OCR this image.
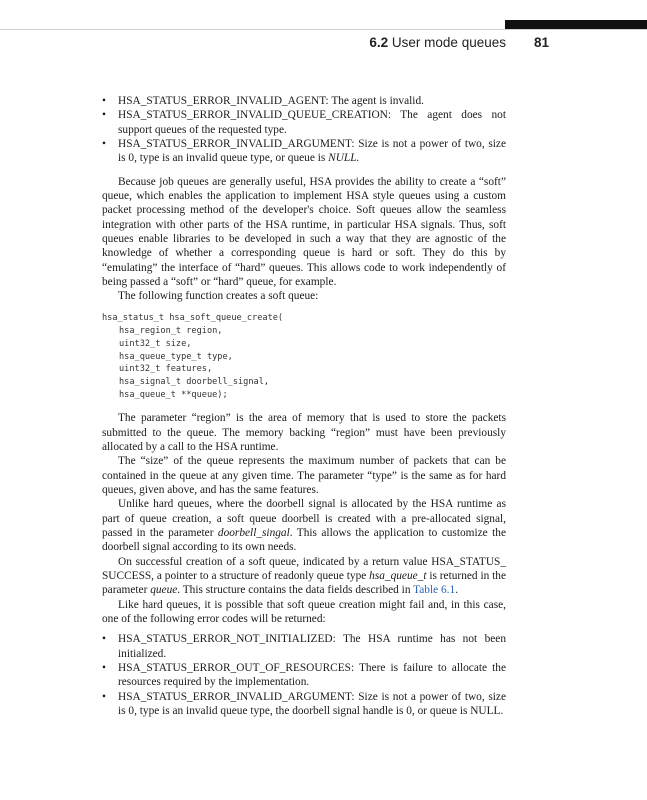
6.2 User mode queues 81
• HSA_STATUS_ERROR_INVALID_AGENT: The agent is invalid.
• HSA_STATUS_ERROR_INVALID_QUEUE_CREATION: The agent does not support queues of the requested type.
• HSA_STATUS_ERROR_INVALID_ARGUMENT: Size is not a power of two, size is 0, type is an invalid queue type, or queue is NULL.

Because job queues are generally useful, HSA provides the ability to create a “soft” queue, which enables the application to implement HSA style queues using a custom packet processing method of the developer's choice. Soft queues allow the seamless integration with other parts of the HSA runtime, in particular HSA signals. Thus, soft queues enable libraries to be developed in such a way that they are agnostic of the knowledge of whether a corresponding queue is hard or soft. They do this by “emulating” the interface of “hard” queues. This allows code to work independently of being passed a “soft” or “hard” queue, for example.

The following function creates a soft queue:

hsa_status_t hsa_soft_queue_create(
hsa_region_t region,
uint32_t size,
hsa_queue_type_t type,
uint32_t features,
hsa_signal_t doorbell_signal,
hsa_queue_t **queue);

The parameter “region” is the area of memory that is used to store the packets submitted to the queue. The memory backing “region” must have been previously allocated by a call to the HSA runtime.

The “size” of the queue represents the maximum number of packets that can be contained in the queue at any given time. The parameter “type” is the same as for hard queues, given above, and has the same features.

Unlike hard queues, where the doorbell signal is allocated by the HSA runtime as part of queue creation, a soft queue doorbell is created with a pre-allocated signal, passed in the parameter doorbell_singal. This allows the application to customize the doorbell signal according to its own needs.

On successful creation of a soft queue, indicated by a return value HSA_STATUS_ SUCCESS, a pointer to a structure of readonly queue type hsa_queue_t is returned in the parameter queue. This structure contains the data fields described in Table 6.1.

Like hard queues, it is possible that soft queue creation might fail and, in this case, one of the following error codes will be returned:

• HSA_STATUS_ERROR_NOT_INITIALIZED: The HSA runtime has not been initialized.
• HSA_STATUS_ERROR_OUT_OF_RESOURCES: There is failure to allocate the resources required by the implementation.
• HSA_STATUS_ERROR_INVALID_ARGUMENT: Size is not a power of two, size is 0, type is an invalid queue type, the doorbell signal handle is 0, or queue is NULL.
